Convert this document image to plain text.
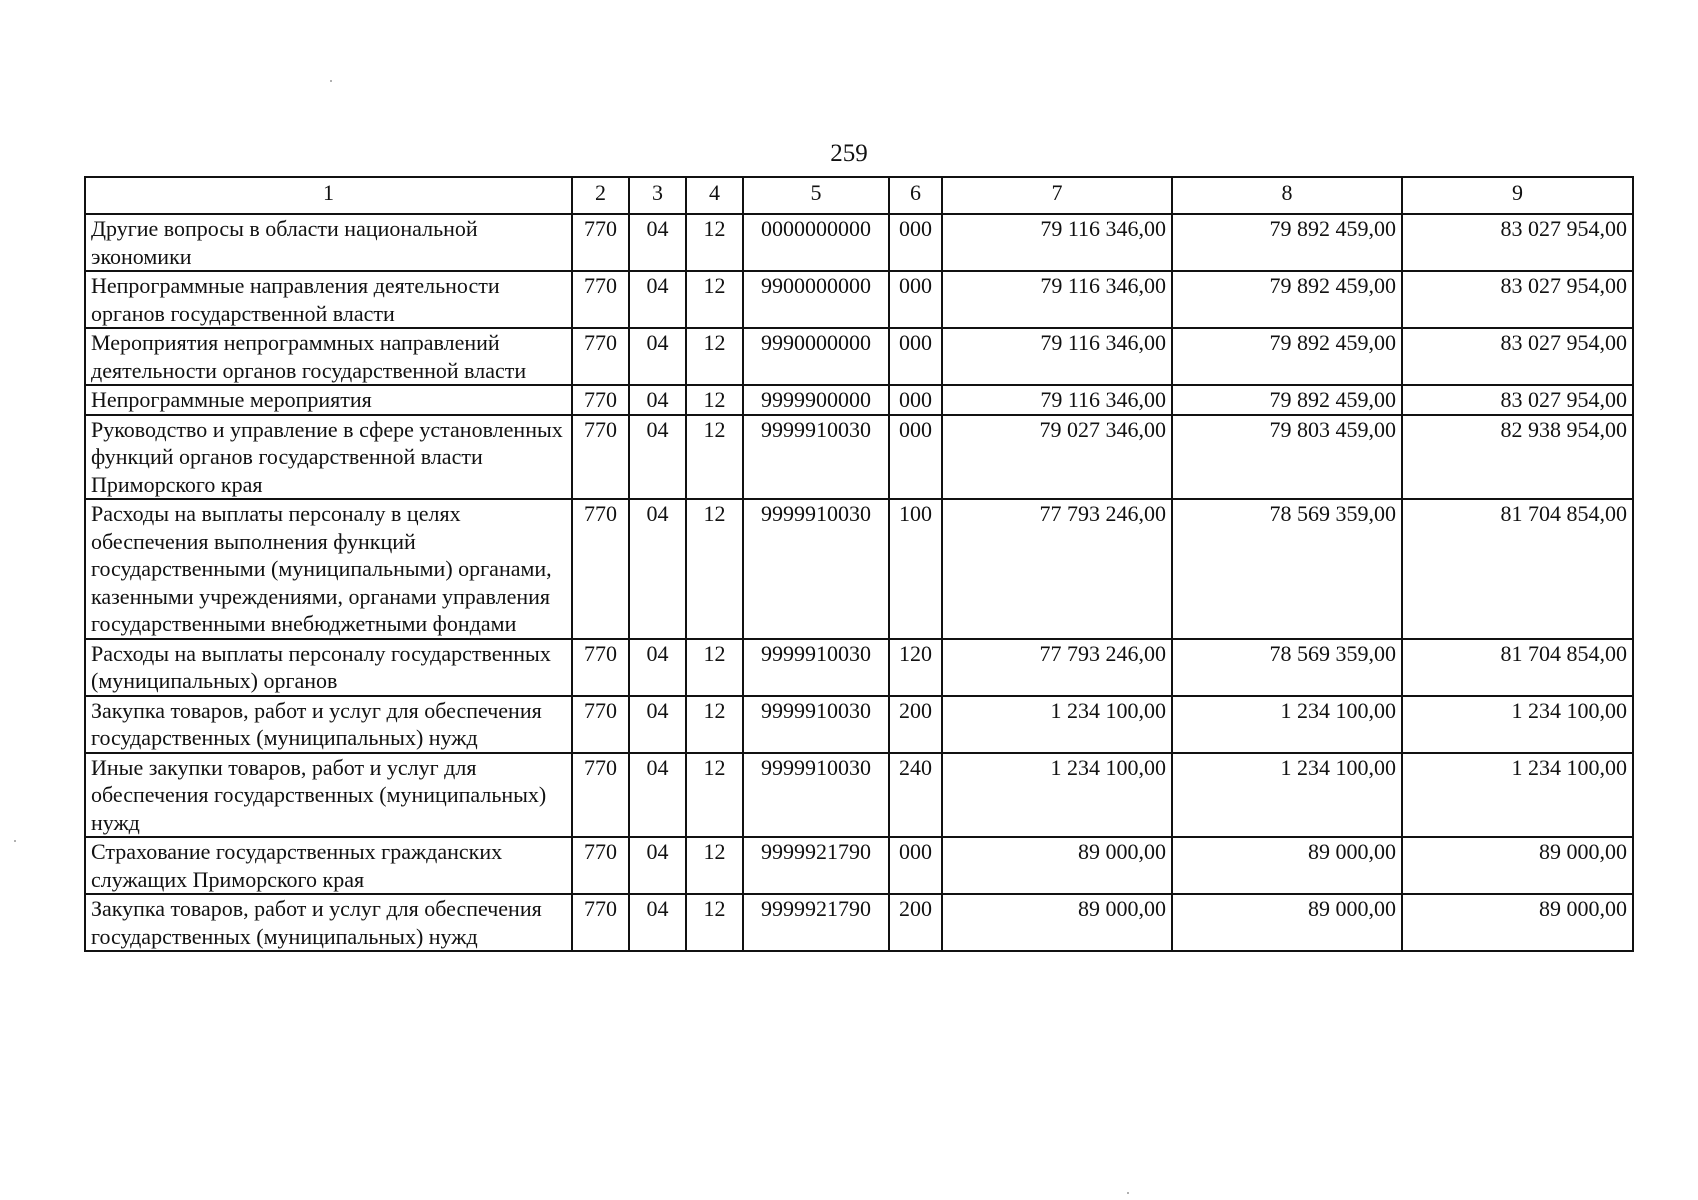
259
1	2	3	4	5	6	7	8	9
Другие вопросы в области национальной экономики	770	04	12	0000000000	000	79 116 346,00	79 892 459,00	83 027 954,00
Непрограммные направления деятельности органов государственной власти	770	04	12	9900000000	000	79 116 346,00	79 892 459,00	83 027 954,00
Мероприятия непрограммных направлений деятельности органов государственной власти	770	04	12	9990000000	000	79 116 346,00	79 892 459,00	83 027 954,00
Непрограммные мероприятия	770	04	12	9999900000	000	79 116 346,00	79 892 459,00	83 027 954,00
Руководство и управление в сфере установленных функций органов государственной власти Приморского края	770	04	12	9999910030	000	79 027 346,00	79 803 459,00	82 938 954,00
Расходы на выплаты персоналу в целях обеспечения выполнения функций государственными (муниципальными) органами, казенными учреждениями, органами управления государственными внебюджетными фондами	770	04	12	9999910030	100	77 793 246,00	78 569 359,00	81 704 854,00
Расходы на выплаты персоналу государственных (муниципальных) органов	770	04	12	9999910030	120	77 793 246,00	78 569 359,00	81 704 854,00
Закупка товаров, работ и услуг для обеспечения государственных (муниципальных) нужд	770	04	12	9999910030	200	1 234 100,00	1 234 100,00	1 234 100,00
Иные закупки товаров, работ и услуг для обеспечения государственных (муниципальных) нужд	770	04	12	9999910030	240	1 234 100,00	1 234 100,00	1 234 100,00
Страхование государственных гражданских служащих Приморского края	770	04	12	9999921790	000	89 000,00	89 000,00	89 000,00
Закупка товаров, работ и услуг для обеспечения государственных (муниципальных) нужд	770	04	12	9999921790	200	89 000,00	89 000,00	89 000,00
